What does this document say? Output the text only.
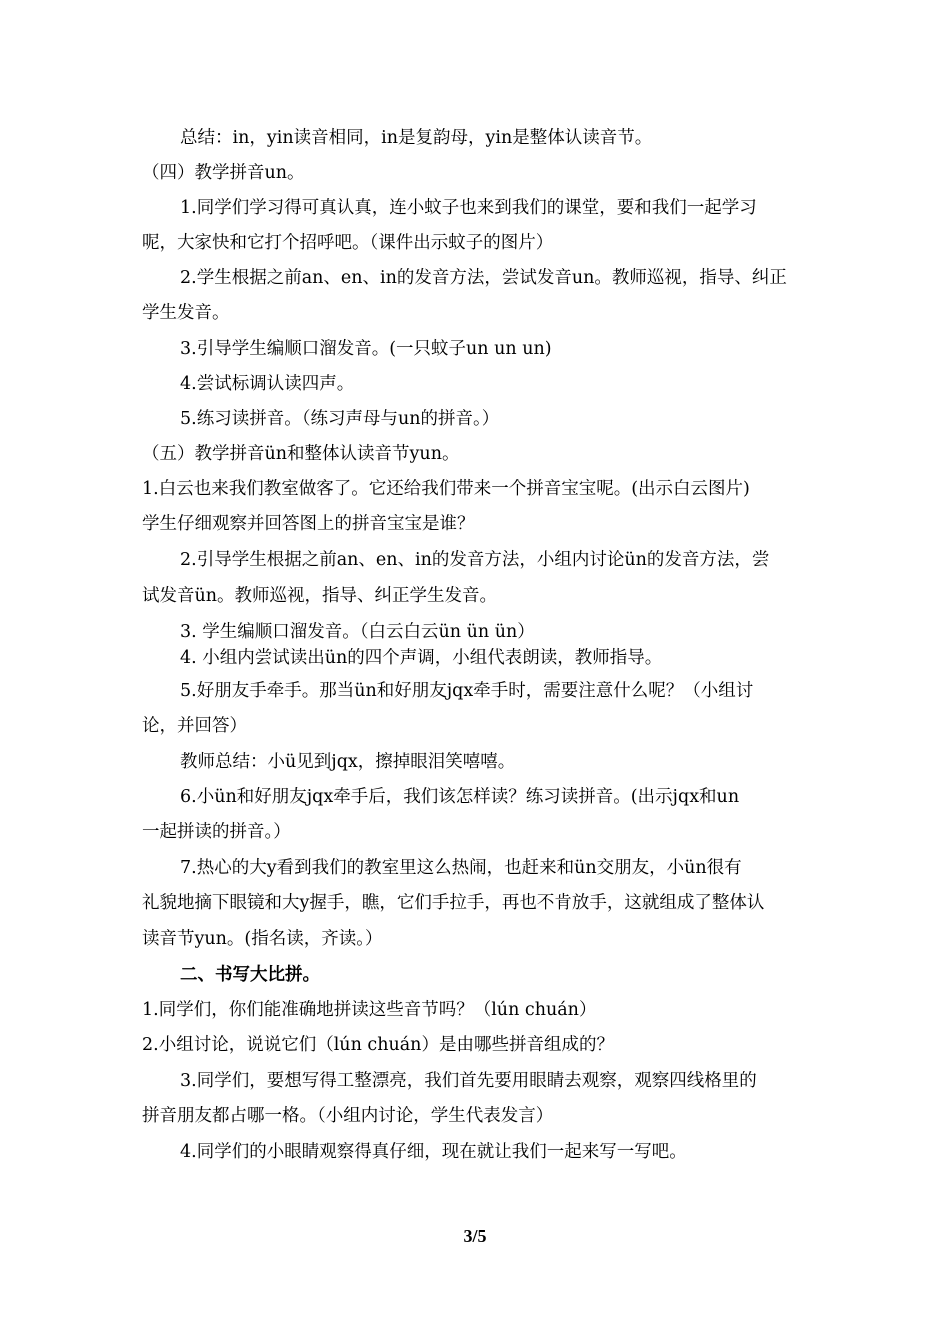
总结：in，yin读音相同，in是复韵母，yin是整体认读音节。
（四）教学拼音un。
1.同学们学习得可真认真，连小蚊子也来到我们的课堂，要和我们一起学习
呢，大家快和它打个招呼吧。（课件出示蚊子的图片）
2.学生根据之前an、en、in的发音方法，尝试发音un。教师巡视，指导、纠正
学生发音。
3.引导学生编顺口溜发音。(一只蚊子un un un)
4.尝试标调认读四声。
5.练习读拼音。（练习声母与un的拼音。）
（五）教学拼音ün和整体认读音节yun。
1.白云也来我们教室做客了。它还给我们带来一个拼音宝宝呢。(出示白云图片)
学生仔细观察并回答图上的拼音宝宝是谁？
2.引导学生根据之前an、en、in的发音方法，小组内讨论ün的发音方法，尝
试发音ün。教师巡视，指导、纠正学生发音。
3. 学生编顺口溜发音。（白云白云ün ün ün）
4. 小组内尝试读出ün的四个声调，小组代表朗读，教师指导。
5.好朋友手牵手。那当ün和好朋友jqx牵手时，需要注意什么呢？（小组讨
论，并回答）
教师总结：小ü见到jqx，擦掉眼泪笑嘻嘻。
6.小ün和好朋友jqx牵手后，我们该怎样读？练习读拼音。(出示jqx和un
一起拼读的拼音。）
7.热心的大y看到我们的教室里这么热闹，也赶来和ün交朋友，小ün很有
礼貌地摘下眼镜和大y握手，瞧，它们手拉手，再也不肯放手，这就组成了整体认
读音节yun。(指名读，齐读。）
二、书写大比拼。
1.同学们，你们能准确地拼读这些音节吗？（lún chuán）
2.小组讨论，说说它们（lún chuán）是由哪些拼音组成的？
3.同学们，要想写得工整漂亮，我们首先要用眼睛去观察，观察四线格里的
拼音朋友都占哪一格。（小组内讨论，学生代表发言）
4.同学们的小眼睛观察得真仔细，现在就让我们一起来写一写吧。
3/5
